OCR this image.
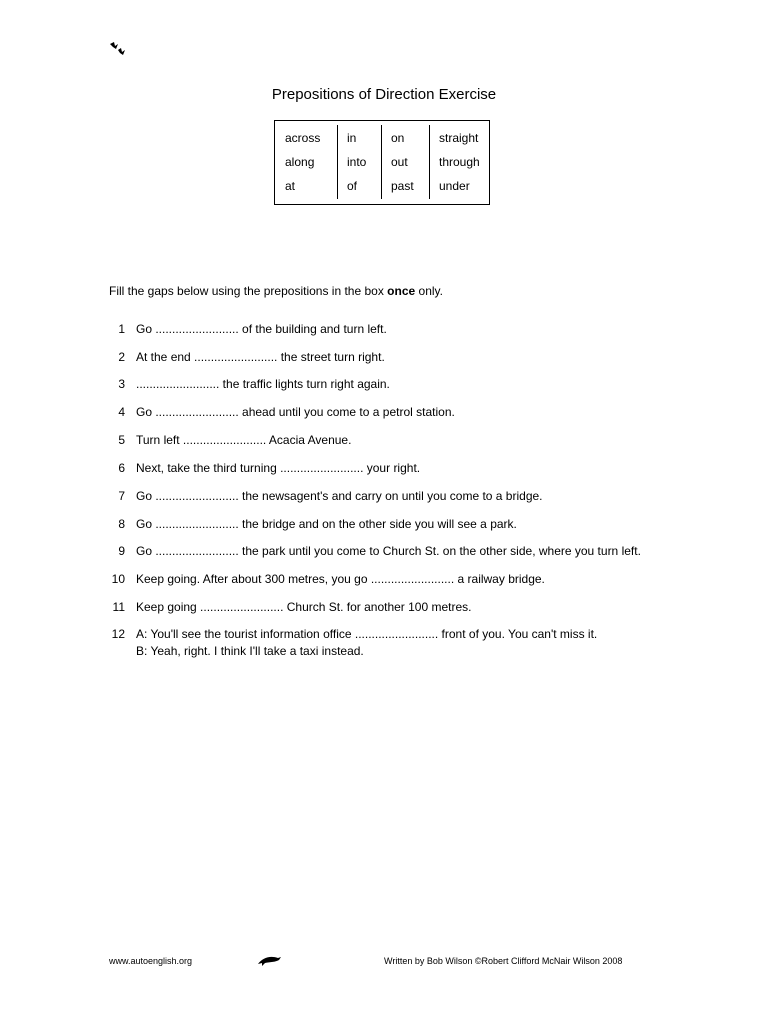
Prepositions of Direction Exercise
across
along
at
in
into
of
on
out
past
straight
through
under
Fill the gaps below using the prepositions in the box once only.
1 Go ......................... of the building and turn left.
2 At the end ......................... the street turn right.
3 ......................... the traffic lights turn right again.
4 Go ......................... ahead until you come to a petrol station.
5 Turn left ......................... Acacia Avenue.
6 Next, take the third turning ......................... your right.
7 Go ......................... the newsagent's and carry on until you come to a bridge.
8 Go ......................... the bridge and on the other side you will see a park.
9 Go ......................... the park until you come to Church St. on the other side, where you turn left.
10 Keep going. After about 300 metres, you go ......................... a railway bridge.
11 Keep going ......................... Church St. for another 100 metres.
12 A: You'll see the tourist information office ......................... front of you. You can't miss it.
B: Yeah, right. I think I'll take a taxi instead.
www.autoenglish.org	Written by Bob Wilson ©Robert Clifford McNair Wilson 2008
